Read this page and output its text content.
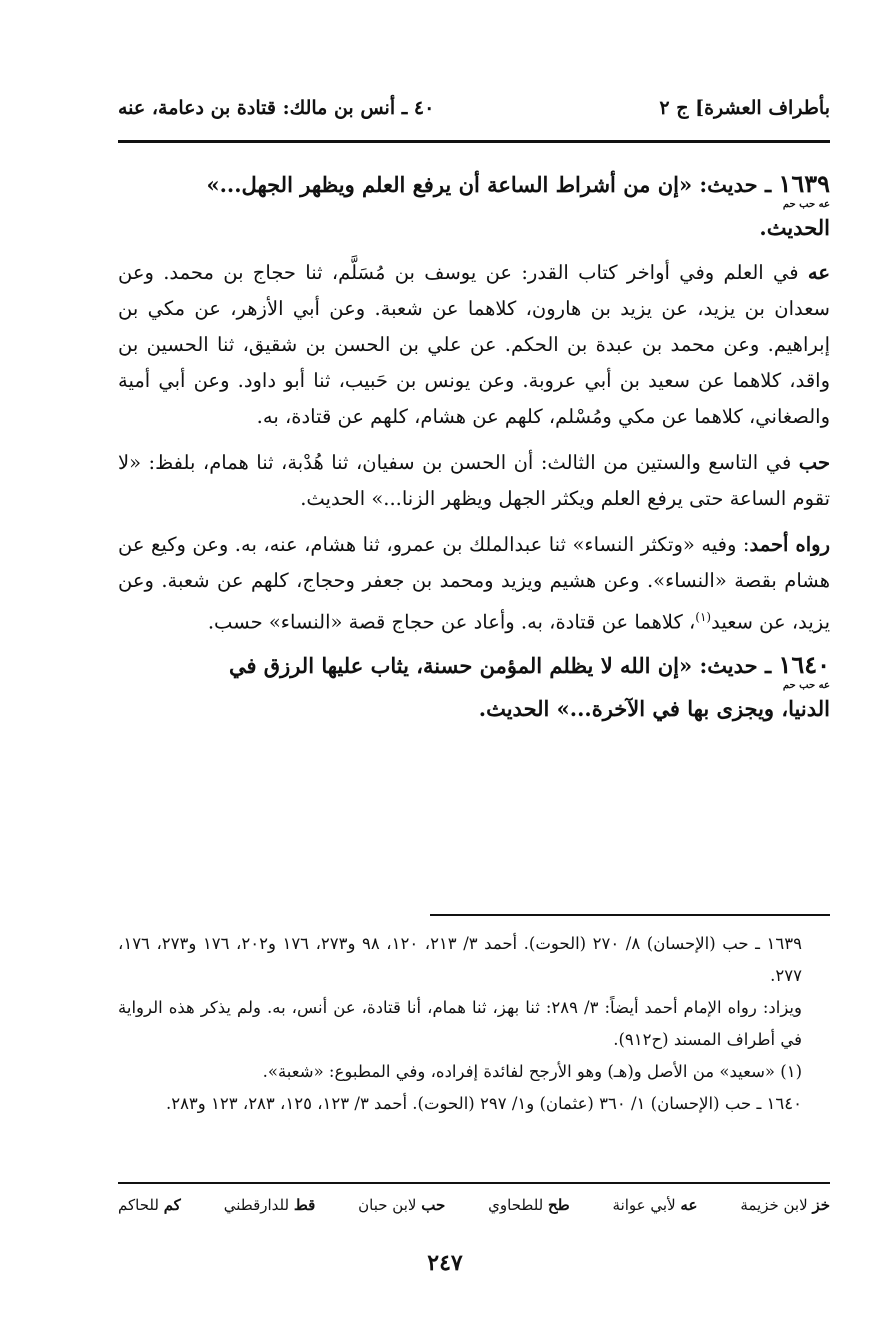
بأطراف العشرة] ج ٢
٤٠ ـ أنس بن مالك: قتادة بن دعامة، عنه
١٦٣٩ ـ حديث: «إن من أشراط الساعة أن يرفع العلم ويظهر الجهل...»
عه حب حم
الحديث.

عه في العلم وفي أواخر كتاب القدر: عن يوسف بن مُسَلَّم، ثنا حجاج بن محمد. وعن سعدان بن يزيد، عن يزيد بن هارون، كلاهما عن شعبة. وعن أبي الأزهر، عن مكي بن إبراهيم. وعن محمد بن عبدة بن الحكم. عن علي بن الحسن بن شقيق، ثنا الحسين بن واقد، كلاهما عن سعيد بن أبي عروبة. وعن يونس بن حَبيب، ثنا أبو داود. وعن أبي أمية والصغاني، كلاهما عن مكي ومُسْلم، كلهم عن هشام، كلهم عن قتادة، به.

حب في التاسع والستين من الثالث: أن الحسن بن سفيان، ثنا هُدْبة، ثنا همام، بلفظ: «لا تقوم الساعة حتى يرفع العلم ويكثر الجهل ويظهر الزنا...» الحديث.

رواه أحمد: وفيه «وتكثر النساء» ثنا عبدالملك بن عمرو، ثنا هشام، عنه، به. وعن وكيع عن هشام بقصة «النساء». وعن هشيم ويزيد ومحمد بن جعفر وحجاج، كلهم عن شعبة. وعن يزيد، عن سعيد$^{(١)}$، كلاهما عن قتادة، به. وأعاد عن حجاج قصة «النساء» حسب.

١٦٤٠ ـ حديث: «إن الله لا يظلم المؤمن حسنة، يثاب عليها الرزق في
عه حب حم
الدنيا، ويجزى بها في الآخرة...» الحديث.

١٦٣٩ ـ حب (الإحسان) ٨/ ٢٧٠ (الحوت). أحمد ٣/ ٢١٣، ١٢٠، ٩٨ و٢٧٣، ١٧٦ و٢٠٢، ١٧٦ و٢٧٣، ١٧٦، ٢٧٧.

ويزاد: رواه الإمام أحمد أيضاً: ٣/ ٢٨٩: ثنا بهز، ثنا همام، أنا قتادة، عن أنس، به. ولم يذكر هذه الرواية في أطراف المسند (ح٩١٢).

(١) «سعيد» من الأصل و(هـ) وهو الأرجح لفائدة إفراده، وفي المطبوع: «شعبة».

١٦٤٠ ـ حب (الإحسان) ١/ ٣٦٠ (عثمان) و١/ ٢٩٧ (الحوت). أحمد ٣/ ١٢٣، ١٢٥، ٢٨٣، ١٢٣ و٢٨٣.

خز لابن خزيمة
عه لأبي عوانة
طح للطحاوي
حب لابن حبان
قط للدارقطني
كم للحاكم
٢٤٧
